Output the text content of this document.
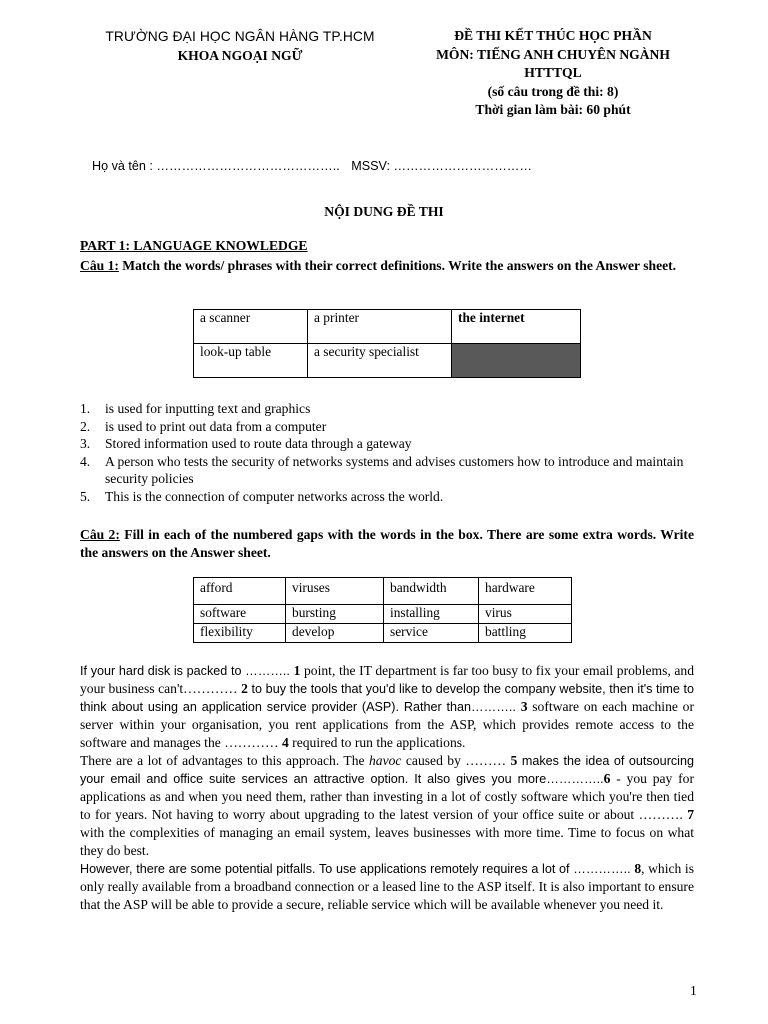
TRƯỜNG ĐẠI HỌC NGÂN HÀNG TP.HCM
KHOA NGOẠI NGỮ
ĐỀ THI KẾT THÚC HỌC PHẦN
MÔN: TIẾNG ANH CHUYÊN NGÀNH
HTTTQL
(số câu trong đề thi: 8)
Thời gian làm bài: 60 phút
Họ và tên : …………………………………….. MSSV: ……………………………
NỘI DUNG ĐỀ THI
PART 1: LANGUAGE KNOWLEDGE
Câu 1: Match the words/ phrases with their correct definitions. Write the answers on the Answer sheet.
a scanner	a printer	the internet
look-up table	a security specialist	
1. is used for inputting text and graphics
2. is used to print out data from a computer
3. Stored information used to route data through a gateway
4. A person who tests the security of networks systems and advises customers how to introduce and maintain security policies
5. This is the connection of computer networks across the world.
Câu 2: Fill in each of the numbered gaps with the words in the box. There are some extra words. Write the answers on the Answer sheet.
afford	viruses	bandwidth	hardware
software	bursting	installing	virus
flexibility	develop	service	battling

If your hard disk is packed to ……….. 1 point, the IT department is far too busy to fix your email problems, and your business can't………… 2 to buy the tools that you'd like to develop the company website, then it's time to think about using an application service provider (ASP). Rather than……….. 3 software on each machine or server within your organisation, you rent applications from the ASP, which provides remote access to the software and manages the ………… 4 required to run the applications.

There are a lot of advantages to this approach. The havoc caused by ……… 5 makes the idea of outsourcing your email and office suite services an attractive option. It also gives you more…………..6 - you pay for applications as and when you need them, rather than investing in a lot of costly software which you're then tied to for years. Not having to worry about upgrading to the latest version of your office suite or about ………. 7 with the complexities of managing an email system, leaves businesses with more time. Time to focus on what they do best.

However, there are some potential pitfalls. To use applications remotely requires a lot of ………….. 8, which is only really available from a broadband connection or a leased line to the ASP itself. It is also important to ensure that the ASP will be able to provide a secure, reliable service which will be available whenever you need it.

1
